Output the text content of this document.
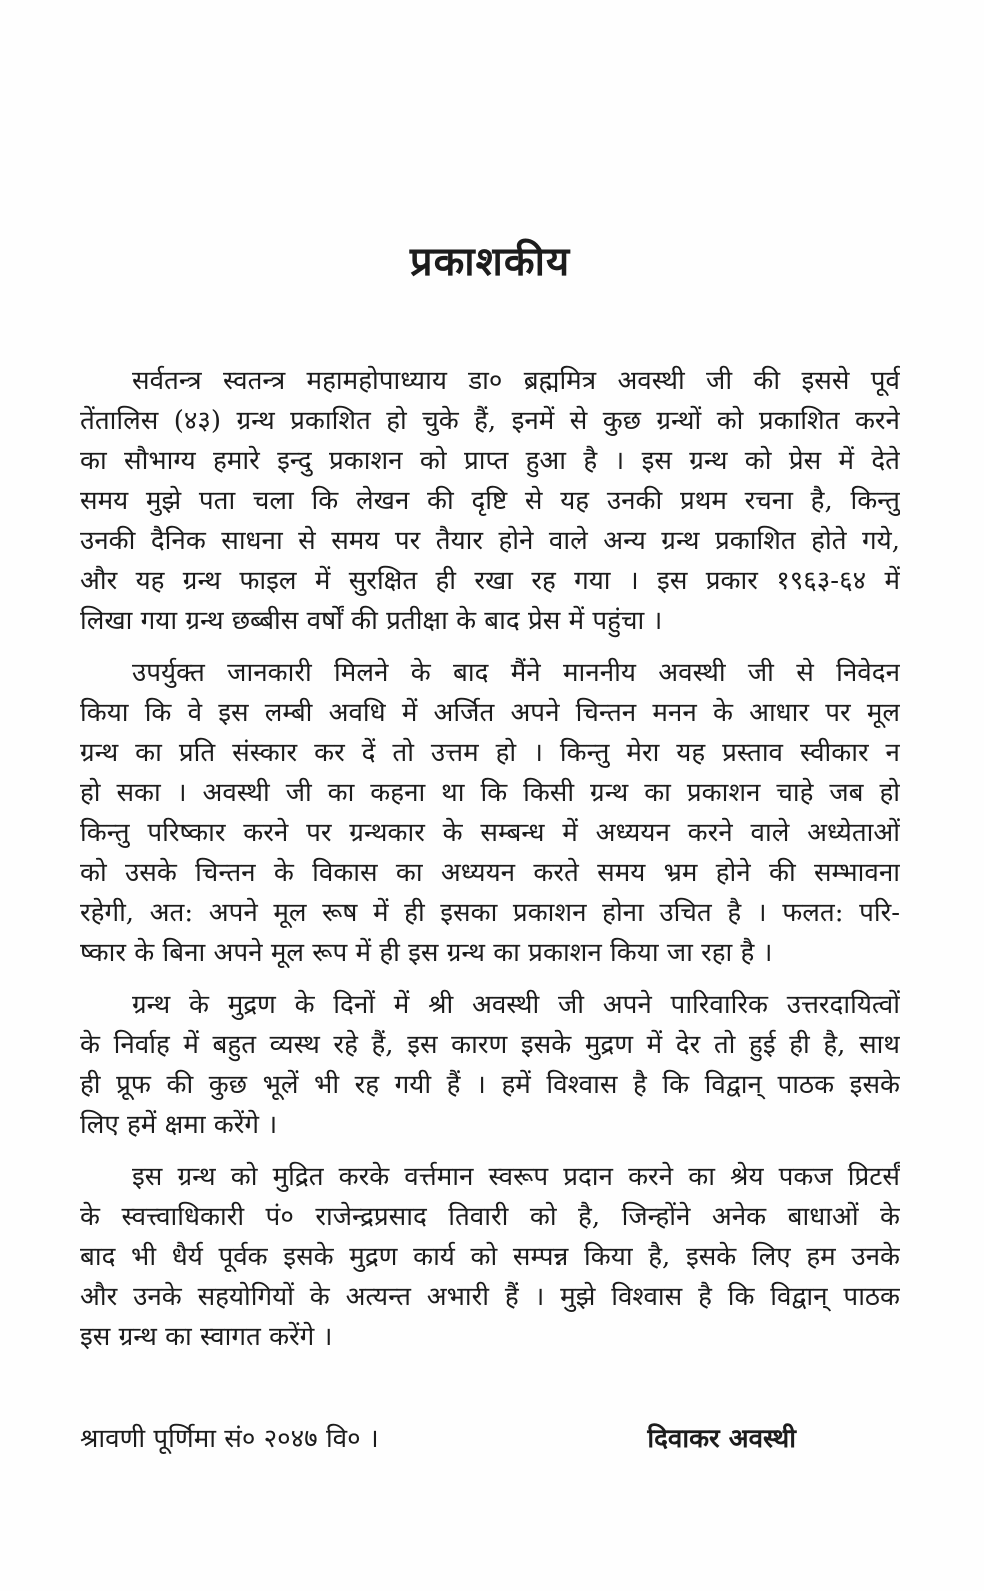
प्रकाशकीय
सर्वतन्त्र स्वतन्त्र महामहोपाध्याय डा० ब्रह्ममित्र अवस्थी जी की इससे पूर्व
तेंतालिस (४३) ग्रन्थ प्रकाशित हो चुके हैं, इनमें से कुछ ग्रन्थों को प्रकाशित करने
का सौभाग्य हमारे इन्दु प्रकाशन को प्राप्त हुआ है । इस ग्रन्थ को प्रेस में देते
समय मुझे पता चला कि लेखन की दृष्टि से यह उनकी प्रथम रचना है, किन्तु
उनकी दैनिक साधना से समय पर तैयार होने वाले अन्य ग्रन्थ प्रकाशित होते गये,
और यह ग्रन्थ फाइल में सुरक्षित ही रखा रह गया । इस प्रकार १९६३-६४ में
लिखा गया ग्रन्थ छब्बीस वर्षों की प्रतीक्षा के बाद प्रेस में पहुंचा ।
उपर्युक्त जानकारी मिलने के बाद मैंने माननीय अवस्थी जी से निवेदन
किया कि वे इस लम्बी अवधि में अर्जित अपने चिन्तन मनन के आधार पर मूल
ग्रन्थ का प्रति संस्कार कर दें तो उत्तम हो । किन्तु मेरा यह प्रस्ताव स्वीकार न
हो सका । अवस्थी जी का कहना था कि किसी ग्रन्थ का प्रकाशन चाहे जब हो
किन्तु परिष्कार करने पर ग्रन्थकार के सम्बन्ध में अध्ययन करने वाले अध्येताओं
को उसके चिन्तन के विकास का अध्ययन करते समय भ्रम होने की सम्भावना
रहेगी, अत: अपने मूल रूष में ही इसका प्रकाशन होना उचित है । फलत: परि-
ष्कार के बिना अपने मूल रूप में ही इस ग्रन्थ का प्रकाशन किया जा रहा है ।
ग्रन्थ के मुद्रण के दिनों में श्री अवस्थी जी अपने पारिवारिक उत्तरदायित्वों
के निर्वाह में बहुत व्यस्थ रहे हैं, इस कारण इसके मुद्रण में देर तो हुई ही है, साथ
ही प्रूफ की कुछ भूलें भी रह गयी हैं । हमें विश्वास है कि विद्वान् पाठक इसके
लिए हमें क्षमा करेंगे ।
इस ग्रन्थ को मुद्रित करके वर्त्तमान स्वरूप प्रदान करने का श्रेय पकज प्रिटर्सं
के स्वत्त्वाधिकारी पं० राजेन्द्रप्रसाद तिवारी को है, जिन्होंने अनेक बाधाओं के
बाद भी धैर्य पूर्वक इसके मुद्रण कार्य को सम्पन्न किया है, इसके लिए हम उनके
और उनके सहयोगियों के अत्यन्त अभारी हैं । मुझे विश्वास है कि विद्वान् पाठक
इस ग्रन्थ का स्वागत करेंगे ।
श्रावणी पूर्णिमा सं० २०४७ वि० ।	दिवाकर अवस्थी
